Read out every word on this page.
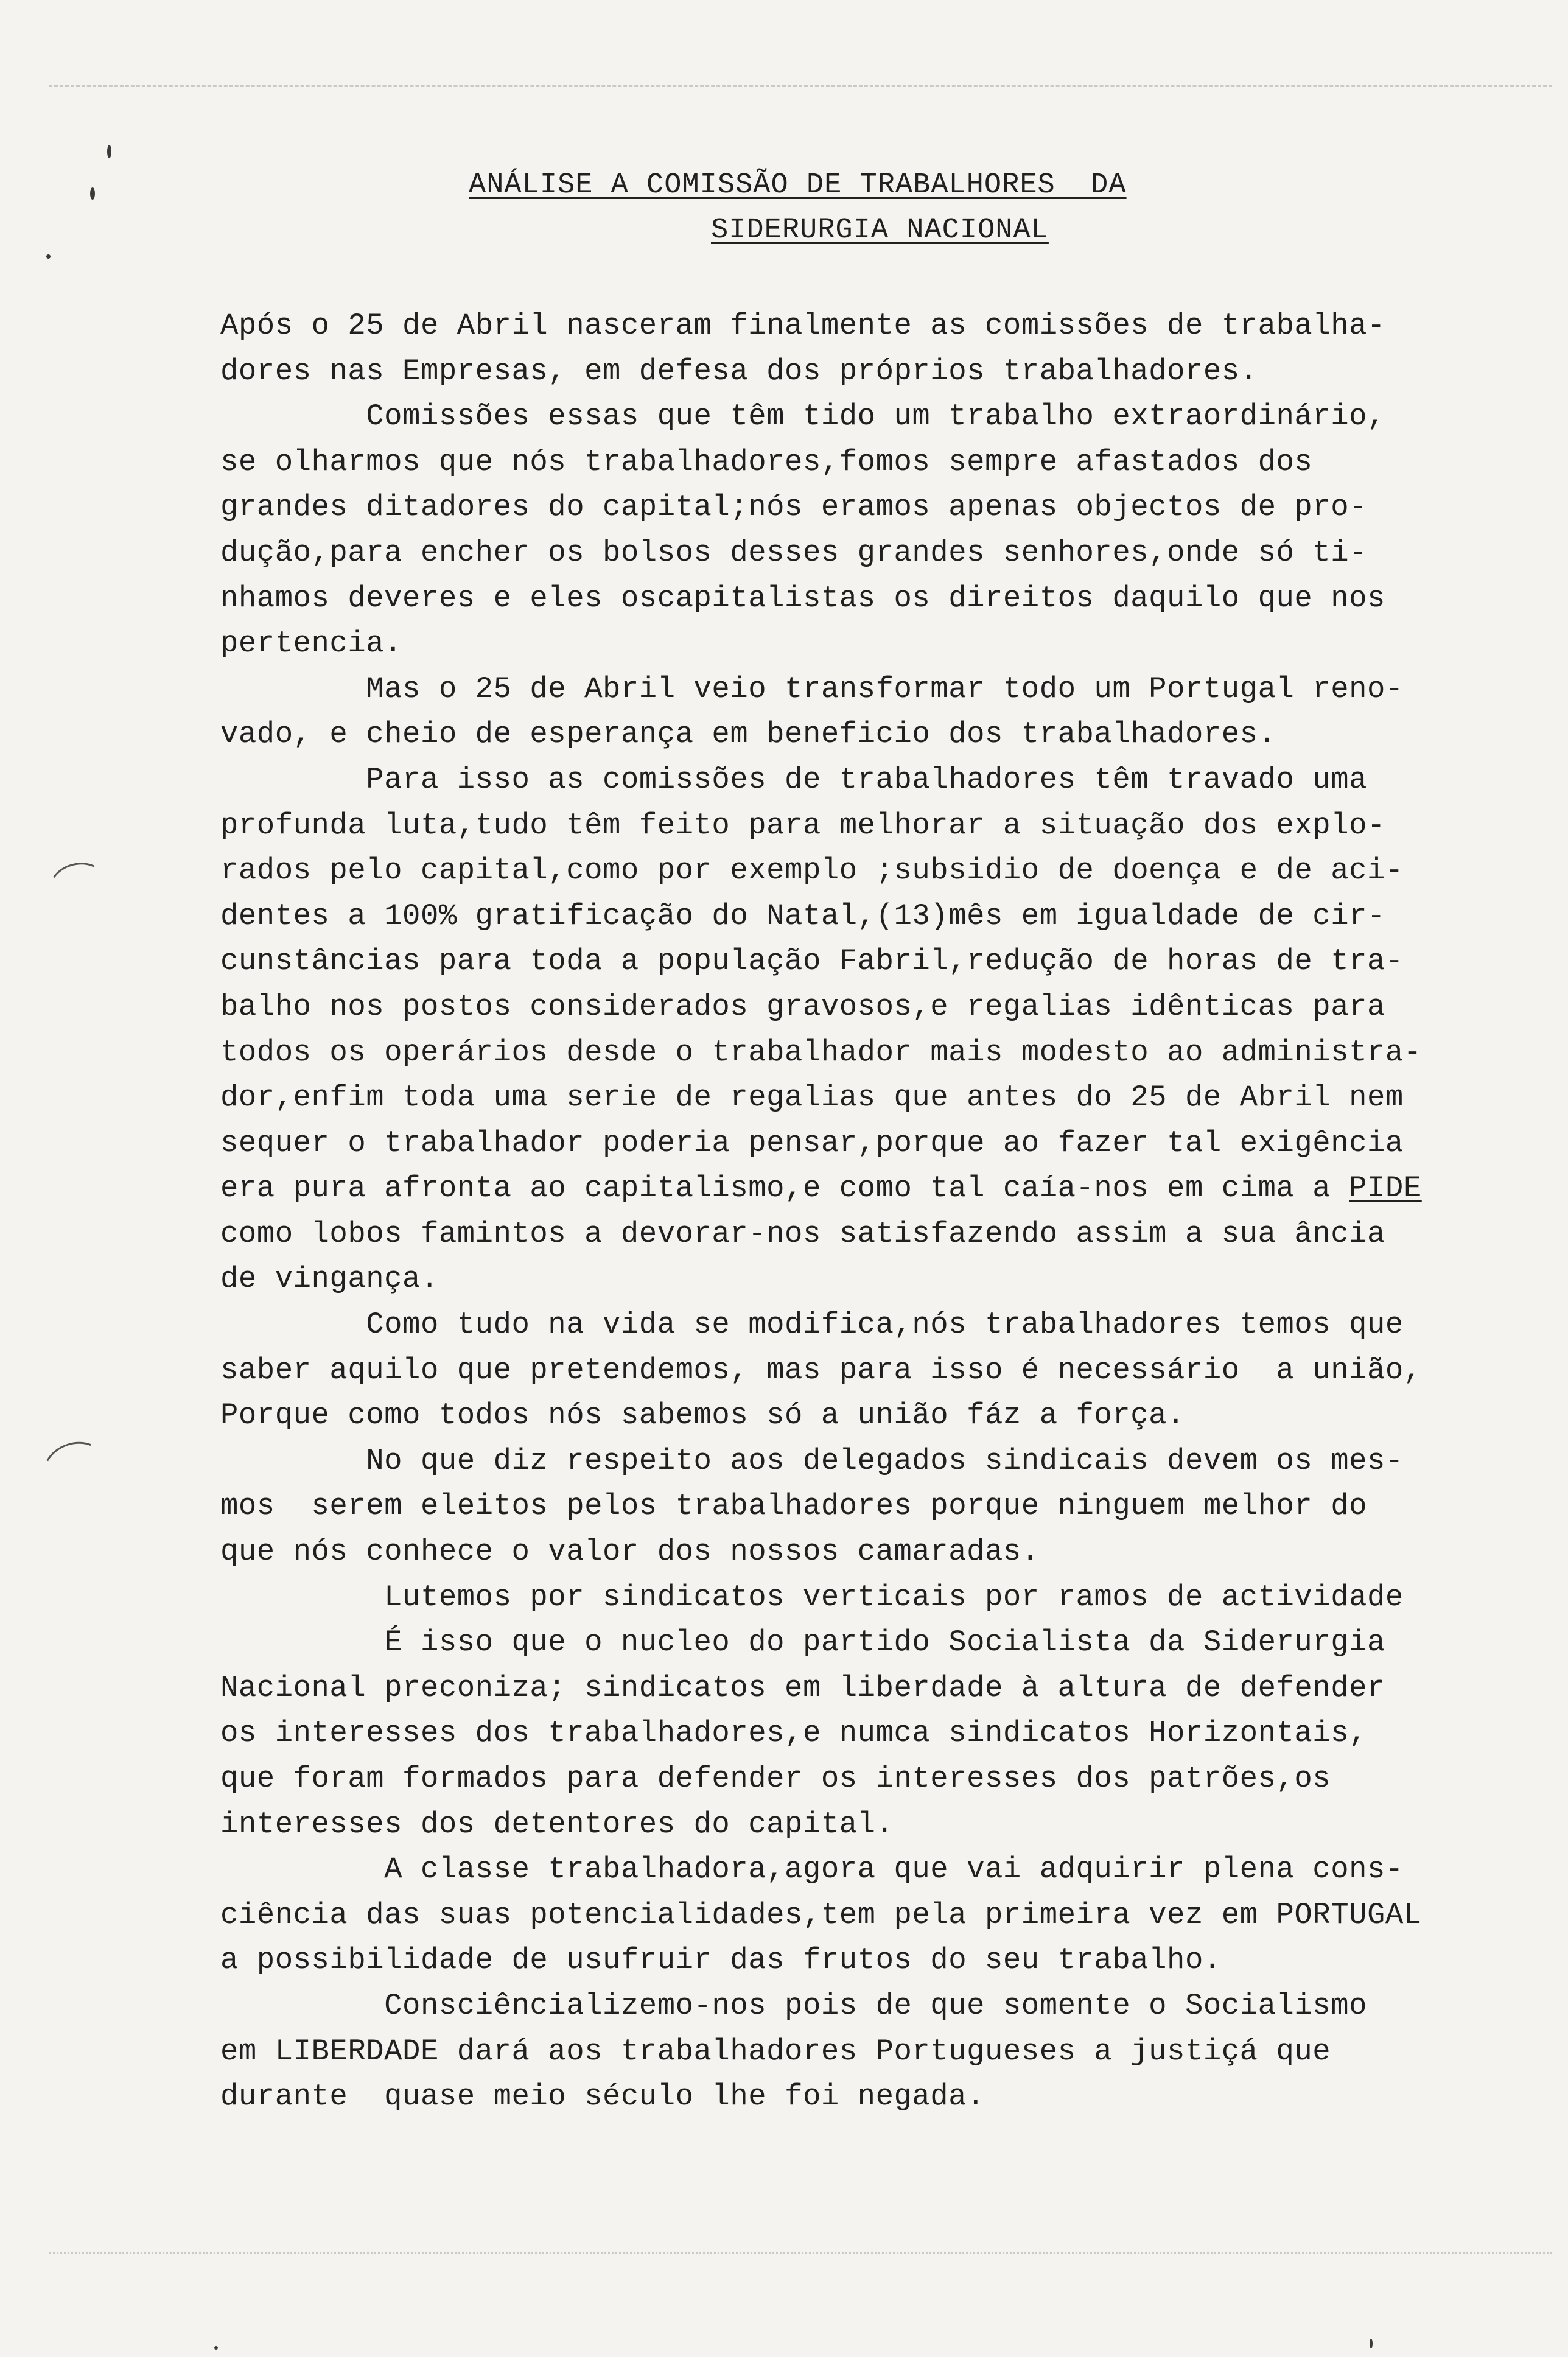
ANÁLISE A COMISSÃO DE TRABALHORES  DA
SIDERURGIA NACIONAL
Após o 25 de Abril nasceram finalmente as comissões de trabalha-
dores nas Empresas, em defesa dos próprios trabalhadores.
Comissões essas que têm tido um trabalho extraordinário,
se olharmos que nós trabalhadores,fomos sempre afastados dos
grandes ditadores do capital;nós eramos apenas objectos de pro-
dução,para encher os bolsos desses grandes senhores,onde só ti-
nhamos deveres e eles oscapitalistas os direitos daquilo que nos
pertencia.
Mas o 25 de Abril veio transformar todo um Portugal reno-
vado, e cheio de esperança em beneficio dos trabalhadores.
Para isso as comissões de trabalhadores têm travado uma
profunda luta,tudo têm feito para melhorar a situação dos explo-
rados pelo capital,como por exemplo ;subsidio de doença e de aci-
dentes a 100% gratificação do Natal,(13)mês em igualdade de cir-
cunstâncias para toda a população Fabril,redução de horas de tra-
balho nos postos considerados gravosos,e regalias idênticas para
todos os operários desde o trabalhador mais modesto ao administra-
dor,enfim toda uma serie de regalias que antes do 25 de Abril nem
sequer o trabalhador poderia pensar,porque ao fazer tal exigência
era pura afronta ao capitalismo,e como tal caía-nos em cima a PIDE
como lobos famintos a devorar-nos satisfazendo assim a sua ância
de vingança.
Como tudo na vida se modifica,nós trabalhadores temos que
saber aquilo que pretendemos, mas para isso é necessário  a união,
Porque como todos nós sabemos só a união fáz a força.
No que diz respeito aos delegados sindicais devem os mes-
mos  serem eleitos pelos trabalhadores porque ninguem melhor do
que nós conhece o valor dos nossos camaradas.
Lutemos por sindicatos verticais por ramos de actividade
É isso que o nucleo do partido Socialista da Siderurgia
Nacional preconiza; sindicatos em liberdade à altura de defender
os interesses dos trabalhadores,e numca sindicatos Horizontais,
que foram formados para defender os interesses dos patrões,os
interesses dos detentores do capital.
A classe trabalhadora,agora que vai adquirir plena cons-
ciência das suas potencialidades,tem pela primeira vez em PORTUGAL
a possibilidade de usufruir das frutos do seu trabalho.
Consciêncializemo-nos pois de que somente o Socialismo
em LIBERDADE dará aos trabalhadores Portugueses a justiçá que
durante  quase meio século lhe foi negada.
